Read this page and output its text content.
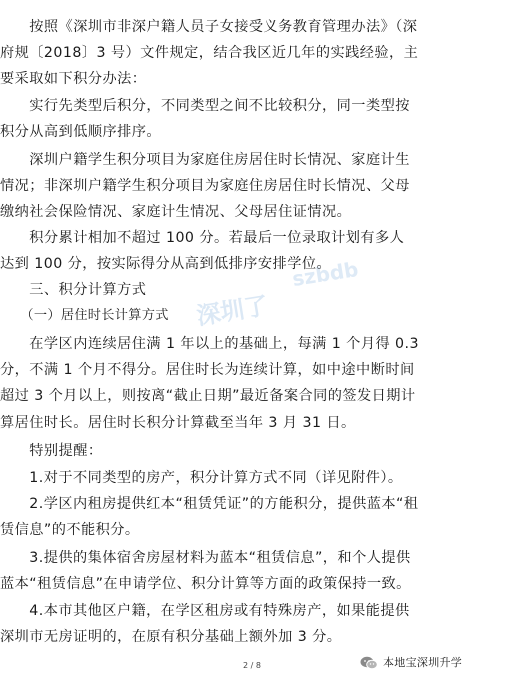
深圳了
szbdb
　　按照《深圳市非深户籍人员子女接受义务教育管理办法》（深
府规〔2018〕3 号）文件规定，结合我区近几年的实践经验，主
要采取如下积分办法：
　　实行先类型后积分，不同类型之间不比较积分，同一类型按
积分从高到低顺序排序。
　　深圳户籍学生积分项目为家庭住房居住时长情况、家庭计生
情况；非深圳户籍学生积分项目为家庭住房居住时长情况、父母
缴纳社会保险情况、家庭计生情况、父母居住证情况。
　　积分累计相加不超过 100 分。若最后一位录取计划有多人
达到 100 分，按实际得分从高到低排序安排学位。
　　三、积分计算方式
　　（一）居住时长计算方式
　　在学区内连续居住满 1 年以上的基础上，每满 1 个月得 0.3
分，不满 1 个月不得分。居住时长为连续计算，如中途中断时间
超过 3 个月以上，则按离“截止日期”最近备案合同的签发日期计
算居住时长。居住时长积分计算截至当年 3 月 31 日。
　　特别提醒：
　　1.对于不同类型的房产，积分计算方式不同（详见附件）。
　　2.学区内租房提供红本“租赁凭证”的方能积分，提供蓝本“租
赁信息”的不能积分。
　　3.提供的集体宿舍房屋材料为蓝本“租赁信息”，和个人提供
蓝本“租赁信息”在申请学位、积分计算等方面的政策保持一致。
　　4.本市其他区户籍，在学区租房或有特殊房产，如果能提供
深圳市无房证明的，在原有积分基础上额外加 3 分。
2 / 8	本地宝深圳升学
